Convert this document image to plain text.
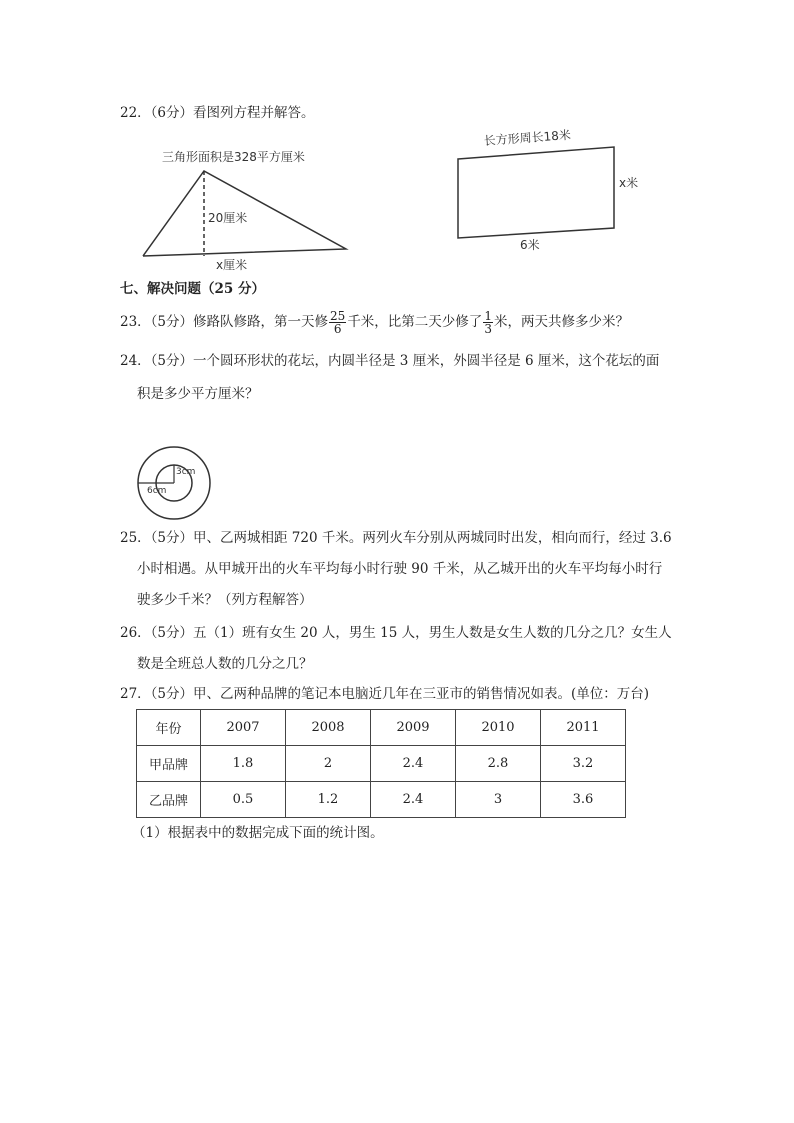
22．（6分）看图列方程并解答。
三角形面积是328平方厘米
20厘米
x厘米
长方形周长18米
x米
6米
七、解决问题（25 分）
23．（5分）修路队修路，第一天修 $\frac{25}{6}$ 千米，比第二天少修了 $\frac{1}{3}$ 米，两天共修多少米？
24．（5分）一个圆环形状的花坛，内圆半径是 3 厘米，外圆半径是 6 厘米，这个花坛的面
积是多少平方厘米？
3cm
6cm
25．（5分）甲、乙两城相距 720 千米。两列火车分别从两城同时出发，相向而行，经过 3.6
小时相遇。从甲城开出的火车平均每小时行驶 90 千米，从乙城开出的火车平均每小时行
驶多少千米？（列方程解答）
26．（5分）五（1）班有女生 20 人，男生 15 人，男生人数是女生人数的几分之几？女生人
数是全班总人数的几分之几？
27．（5分）甲、乙两种品牌的笔记本电脑近几年在三亚市的销售情况如表。(单位：万台)
年份	2007	2008	2009	2010	2011
甲品牌	1.8	2	2.4	2.8	3.2
乙品牌	0.5	1.2	2.4	3	3.6
（1）根据表中的数据完成下面的统计图。
